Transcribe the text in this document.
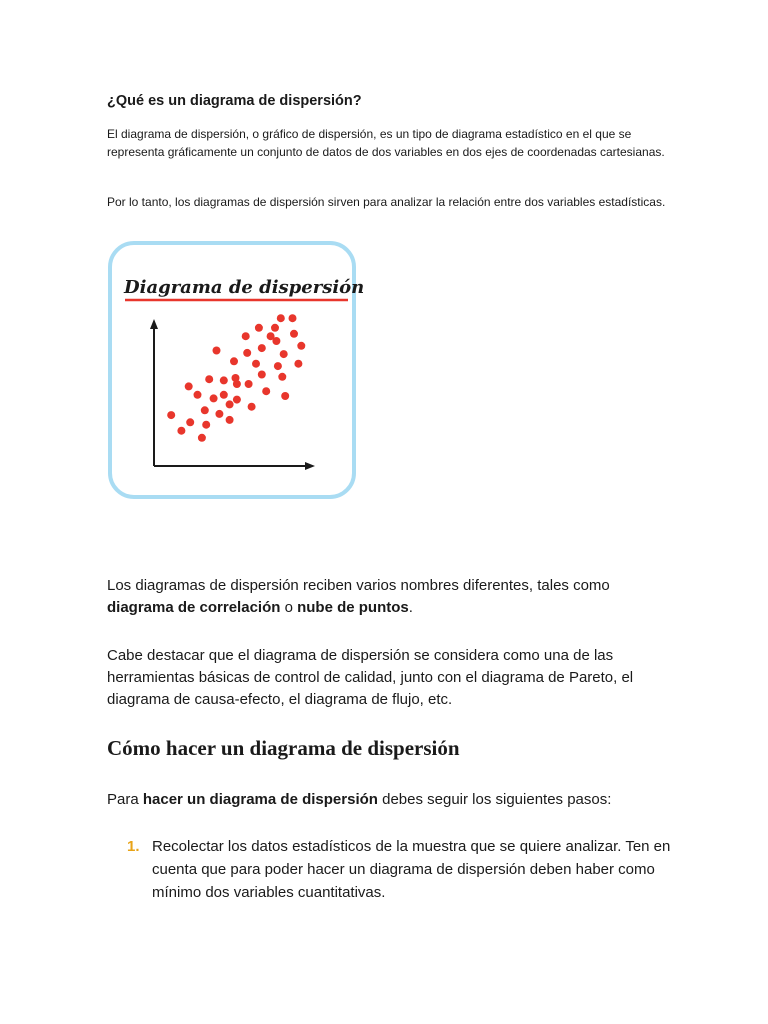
¿Qué es un diagrama de dispersión?

El diagrama de dispersión, o gráfico de dispersión, es un tipo de diagrama estadístico en el que se representa gráficamente un conjunto de datos de dos variables en dos ejes de coordenadas cartesianas.

Por lo tanto, los diagramas de dispersión sirven para analizar la relación entre dos variables estadísticas.

Diagrama de dispersión

Los diagramas de dispersión reciben varios nombres diferentes, tales como diagrama de correlación o nube de puntos.

Cabe destacar que el diagrama de dispersión se considera como una de las herramientas básicas de control de calidad, junto con el diagrama de Pareto, el diagrama de causa-efecto, el diagrama de flujo, etc.

Cómo hacer un diagrama de dispersión

Para hacer un diagrama de dispersión debes seguir los siguientes pasos:

1. Recolectar los datos estadísticos de la muestra que se quiere analizar. Ten en cuenta que para poder hacer un diagrama de dispersión deben haber como mínimo dos variables cuantitativas.
